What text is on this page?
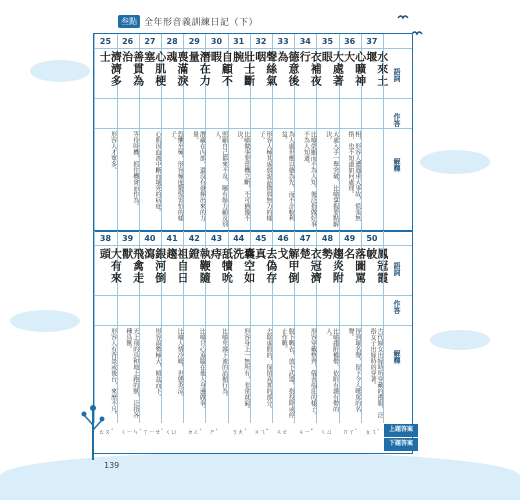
叁點 全年形音義訓練日記（下）
37
水來土堰
36
心曠神大
相，形容人遭遇重大事故，慌張無措，也不知道如何處理。
35
大處著眼
大處入手一舉突破，比喻掌握要點解決。
34
衣補夜行
比喻榮顯而不為人知，後泛指做好事不為人知道。
33
德意後為
為人處世應以德為先，而不計較利益。
32
聲絲氣咽
形容人極其虛弱說話微弱無力的樣子。
31
壯士斷腕
比喻做事要當機立斷，不可猶豫不決。
30
自顧不暇
照顧自己都來不及，哪有餘力顧及別人。
29
潛在力量
潛藏在內部，還沒有發揮出來的力量。
28
喪滿淚魂
恐懼至極，形容極度驚慌害怕的樣子。
27
心肌梗塞
心肌因血流中斷而壞死的病症。
26
善貫為治
等待時機，抓住機會而作為。
25
濟濟多士
形容人才眾多。
50
鳳冠霞帔
古代婦女出嫁時所穿戴的禮服，泛指女子出嫁時的穿著。
ㄆㄟˋ
49
落圖罵名
得到壞名聲，留下令人唾罵的名聲。
ㄇㄚˋ
48
趨炎附勢
比喻趨附權勢，依附有錢有勢的人。
ㄑㄩ
47
衣冠濟楚
形容穿戴整齊，儀表端莊的樣子。
ㄐㄧˇ
46
解甲倒戈
脫下戰衣，放下武器，指投降或停止作戰。
ㄍㄜ
45
去偽存真
去除虛假的，保留真實的部分。
ㄨㄟˇ
44
囊空如洗
形容身上一無所有，非常貧窮。
ㄋㄤˊ
43
舐犢吮痔
比喻卑鄙下流的諂媚行為。
ㄕˋ
42
執鞭隨鐙
比喻甘心追隨在他人身邊做事。
ㄉㄥˋ
41
祖自日趨
比喻人情冷暖，世態炎涼。
ㄑㄩ
40
銀河倒瀉
形容雨勢極大，傾盆而下。
ㄒㄧㄝˋ
39
飛禽走獸
天上飛的鳥和地上跑的獸，泛指各種鳥獸。
ㄑㄧㄣˊ
38
大有來頭
形容人有背景或後台，來歷不凡。
ㄊㄡˊ
語詞
作答
解釋
語詞
作答
解釋
上題答案
下題答案
139
